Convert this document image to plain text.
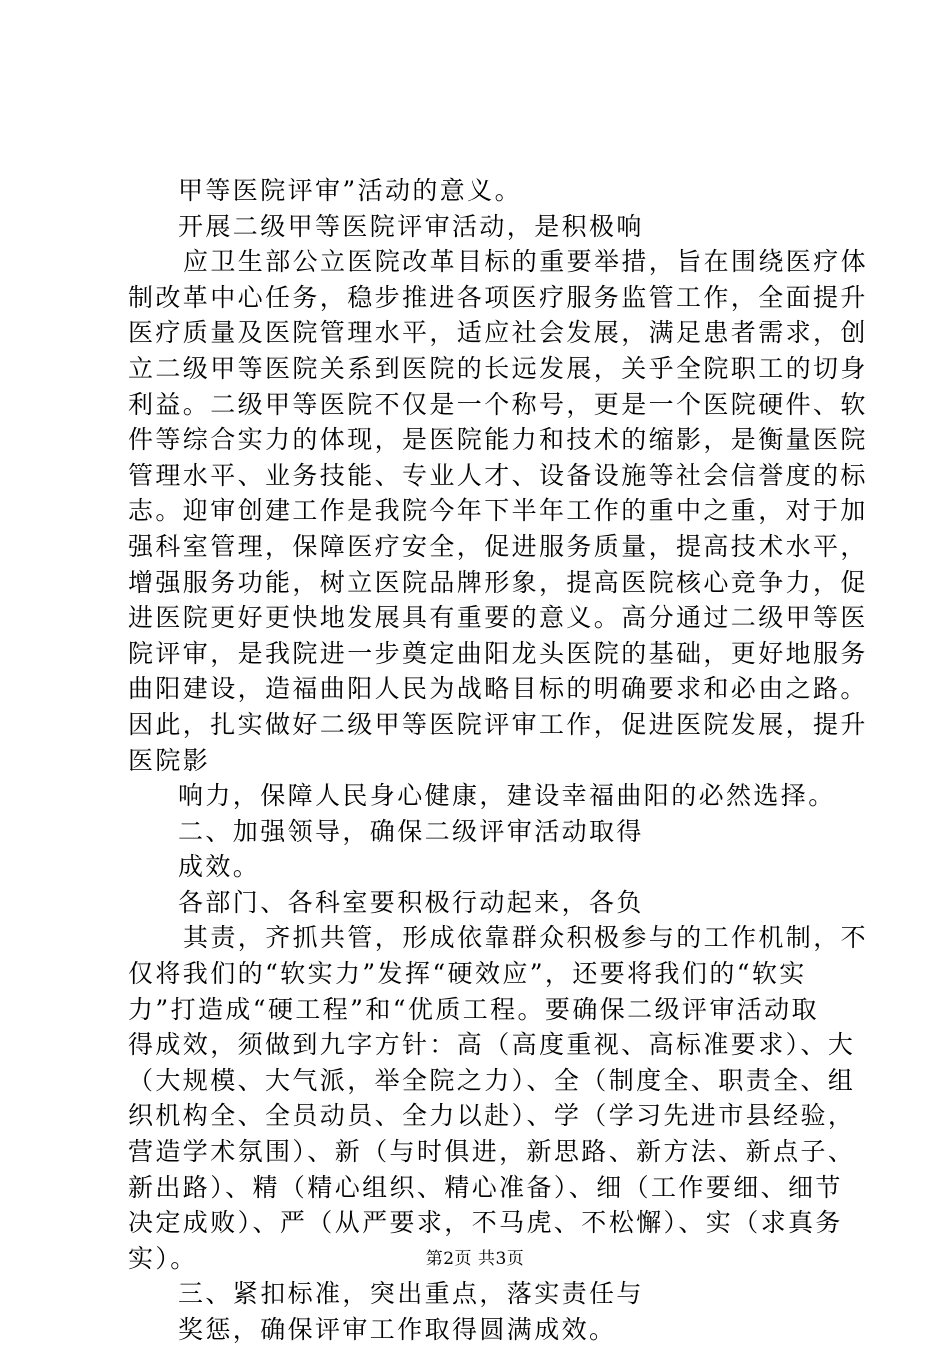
甲等医院评审”活动的意义。
开展二级甲等医院评审活动，是积极响
应卫生部公立医院改革目标的重要举措，旨在围绕医疗体
制改革中心任务，稳步推进各项医疗服务监管工作，全面提升
医疗质量及医院管理水平，适应社会发展，满足患者需求，创
立二级甲等医院关系到医院的长远发展，关乎全院职工的切身
利益。二级甲等医院不仅是一个称号，更是一个医院硬件、软
件等综合实力的体现，是医院能力和技术的缩影，是衡量医院
管理水平、业务技能、专业人才、设备设施等社会信誉度的标
志。迎审创建工作是我院今年下半年工作的重中之重，对于加
强科室管理，保障医疗安全，促进服务质量，提高技术水平，
增强服务功能，树立医院品牌形象，提高医院核心竞争力，促
进医院更好更快地发展具有重要的意义。高分通过二级甲等医
院评审，是我院进一步奠定曲阳龙头医院的基础，更好地服务
曲阳建设，造福曲阳人民为战略目标的明确要求和必由之路。
因此，扎实做好二级甲等医院评审工作，促进医院发展，提升
医院影
响力，保障人民身心健康，建设幸福曲阳的必然选择。
二、加强领导，确保二级评审活动取得
成效。
各部门、各科室要积极行动起来，各负
其责，齐抓共管，形成依靠群众积极参与的工作机制，不
仅将我们的“软实力”发挥“硬效应”，还要将我们的“软实
力”打造成“硬工程”和“优质工程。要确保二级评审活动取
得成效，须做到九字方针：高（高度重视、高标准要求）、大
（大规模、大气派，举全院之力）、全（制度全、职责全、组
织机构全、全员动员、全力以赴）、学（学习先进市县经验，
营造学术氛围）、新（与时俱进，新思路、新方法、新点子、
新出路）、精（精心组织、精心准备）、细（工作要细、细节
决定成败）、严（从严要求，不马虎、不松懈）、实（求真务
实）。
三、紧扣标准，突出重点，落实责任与
奖惩，确保评审工作取得圆满成效。
第2页 共3页
